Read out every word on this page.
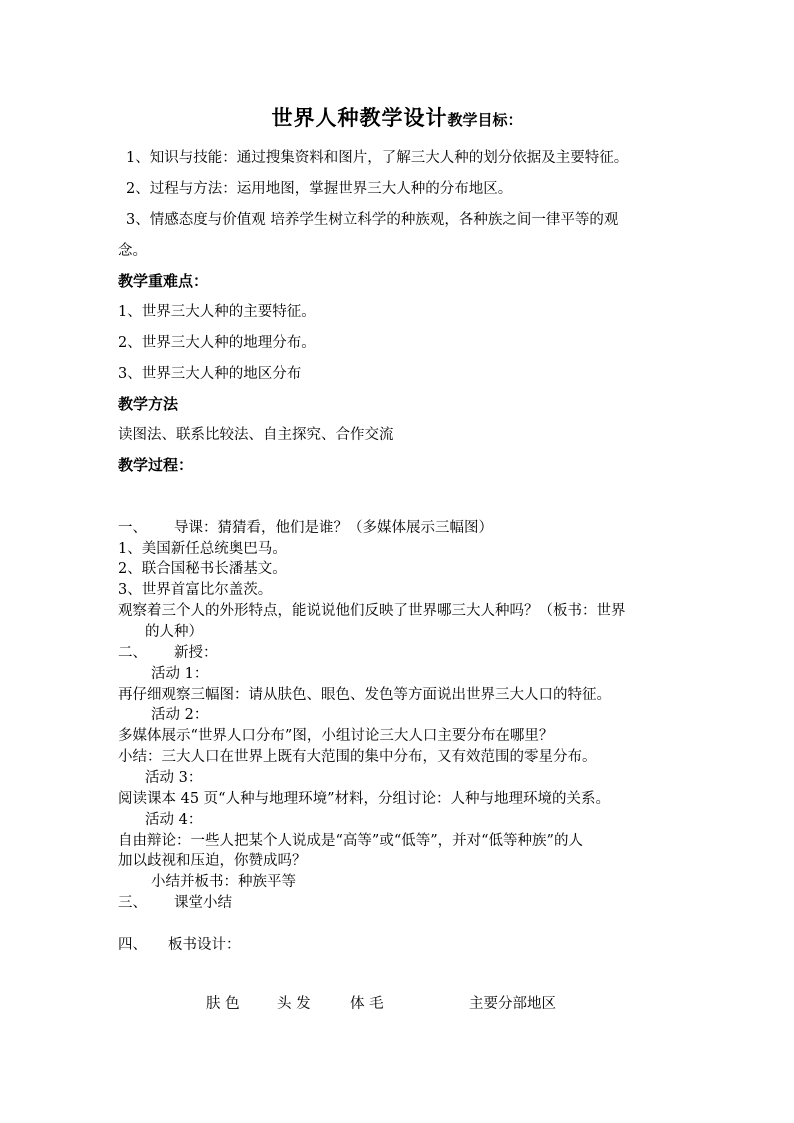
世界人种教学设计教学目标：
1、知识与技能：通过搜集资料和图片，了解三大人种的划分依据及主要特征。
2、过程与方法：运用地图，掌握世界三大人种的分布地区。
3、情感态度与价值观 培养学生树立科学的种族观，各种族之间一律平等的观
念。
教学重难点：
1、世界三大人种的主要特征。
2、世界三大人种的地理分布。
3、世界三大人种的地区分布
教学方法
读图法、联系比较法、自主探究、合作交流
教学过程：
一、 导课：猜猜看，他们是谁？（多媒体展示三幅图）
1、美国新任总统奥巴马。
2、联合国秘书长潘基文。
3、世界首富比尔盖茨。
观察着三个人的外形特点，能说说他们反映了世界哪三大人种吗？（板书：世界
的人种）
二、 新授：
活动 1：
再仔细观察三幅图：请从肤色、眼色、发色等方面说出世界三大人口的特征。
活动 2：
多媒体展示“世界人口分布”图，小组讨论三大人口主要分布在哪里？
小结：三大人口在世界上既有大范围的集中分布，又有效范围的零星分布。
活动 3：
阅读课本 45 页“人种与地理环境”材料，分组讨论：人种与地理环境的关系。
活动 4：
自由辩论：一些人把某个人说成是“高等”或“低等”，并对“低等种族”的人
加以歧视和压迫，你赞成吗？
小结并板书：种族平等
三、 课堂小结
四、 板书设计：
肤 色	头 发	体 毛	主要分部地区
